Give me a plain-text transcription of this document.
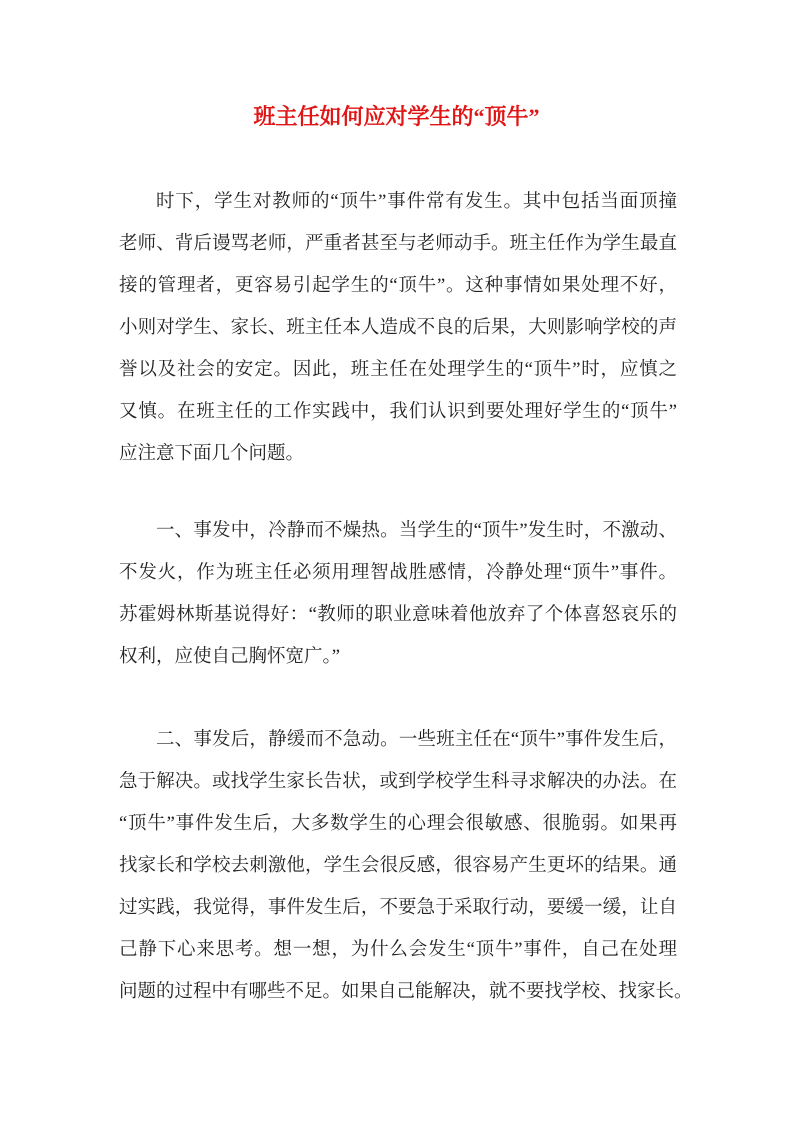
班主任如何应对学生的“顶牛”
时下，学生对教师的“顶牛”事件常有发生。其中包括当面顶撞
老师、背后谩骂老师，严重者甚至与老师动手。班主任作为学生最直
接的管理者，更容易引起学生的“顶牛”。这种事情如果处理不好，
小则对学生、家长、班主任本人造成不良的后果，大则影响学校的声
誉以及社会的安定。因此，班主任在处理学生的“顶牛”时，应慎之
又慎。在班主任的工作实践中，我们认识到要处理好学生的“顶牛”
应注意下面几个问题。
一、事发中，冷静而不燥热。当学生的“顶牛”发生时，不激动、
不发火，作为班主任必须用理智战胜感情，冷静处理“顶牛”事件。
苏霍姆林斯基说得好：“教师的职业意味着他放弃了个体喜怒哀乐的
权利，应使自己胸怀宽广。”
二、事发后，静缓而不急动。一些班主任在“顶牛”事件发生后，
急于解决。或找学生家长告状，或到学校学生科寻求解决的办法。在
“顶牛”事件发生后，大多数学生的心理会很敏感、很脆弱。如果再
找家长和学校去刺激他，学生会很反感，很容易产生更坏的结果。通
过实践，我觉得，事件发生后，不要急于采取行动，要缓一缓，让自
己静下心来思考。想一想，为什么会发生“顶牛”事件，自己在处理
问题的过程中有哪些不足。如果自己能解决，就不要找学校、找家长。
